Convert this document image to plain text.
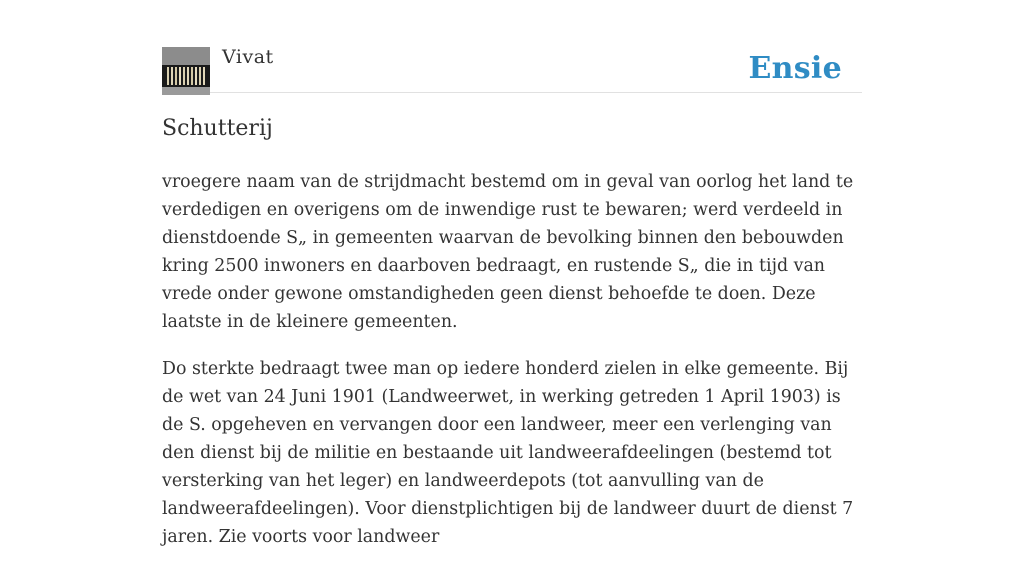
Vivat	Ensie
Schutterij

vroegere naam van de strijdmacht bestemd om in geval van oorlog het land te verdedigen en overigens om de inwendige rust te bewaren; werd verdeeld in dienstdoende S„ in gemeenten waarvan de bevolking binnen den bebouwden kring 2500 inwoners en daarboven bedraagt, en rustende S„ die in tijd van vrede onder gewone omstandigheden geen dienst behoefde te doen. Deze laatste in de kleinere gemeenten.

Do sterkte bedraagt twee man op iedere honderd zielen in elke gemeente. Bij de wet van 24 Juni 1901 (Landweerwet, in werking getreden 1 April 1903) is de S. opgeheven en vervangen door een landweer, meer een verlenging van den dienst bij de militie en bestaande uit landweerafdeelingen (bestemd tot versterking van het leger) en landweerdepots (tot aanvulling van de landweerafdeelingen). Voor dienstplichtigen bij de landweer duurt de dienst 7 jaren. Zie voorts voor landweer
